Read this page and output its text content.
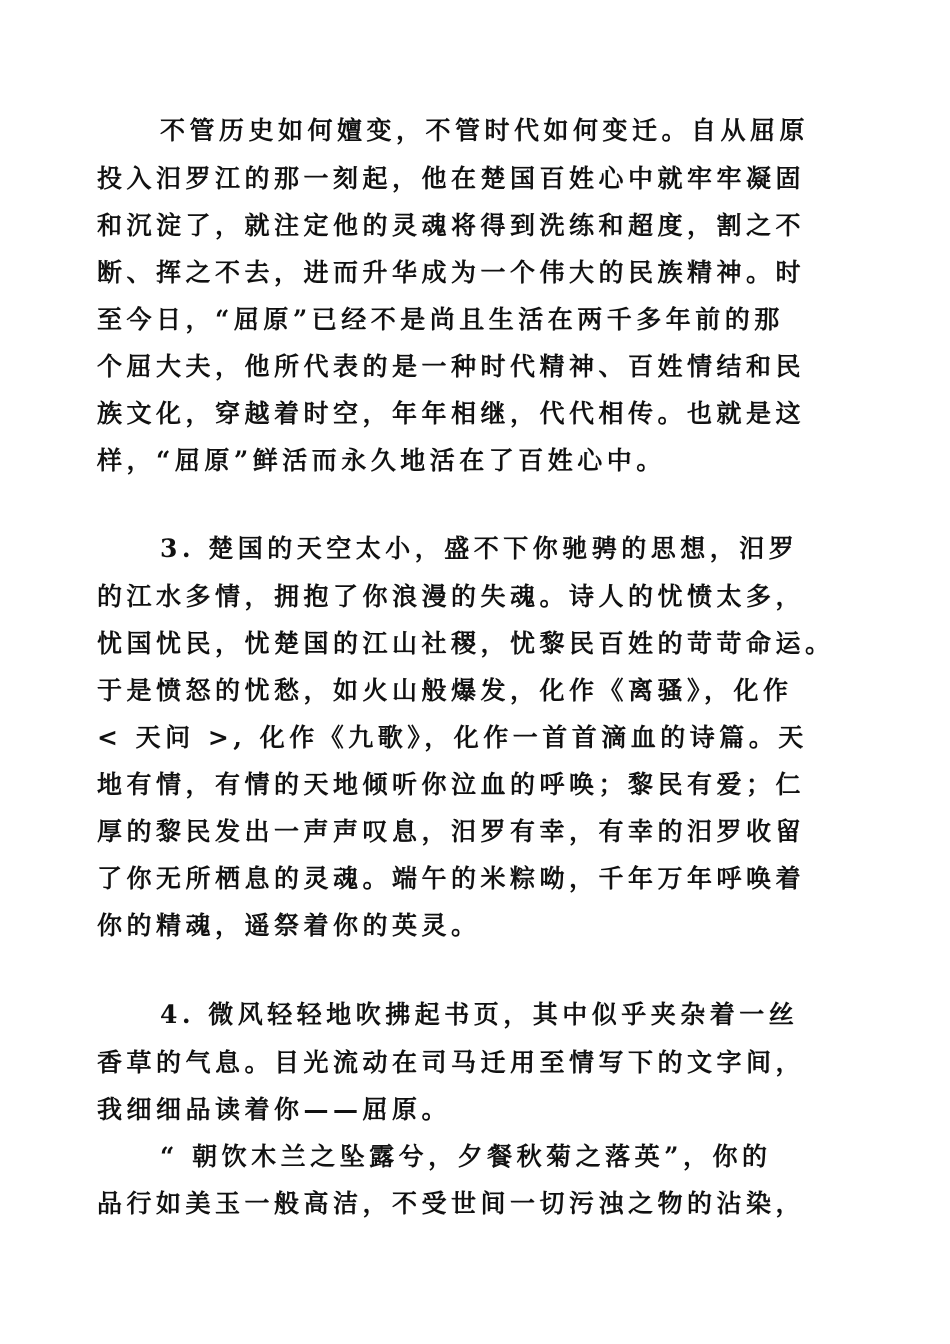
不管历史如何嬗变，不管时代如何变迁。自从屈原
投入汨罗江的那一刻起，他在楚国百姓心中就牢牢凝固
和沉淀了，就注定他的灵魂将得到洗练和超度，割之不
断、挥之不去，进而升华成为一个伟大的民族精神。时
至今日，“屈原”已经不是尚且生活在两千多年前的那
个屈大夫，他所代表的是一种时代精神、百姓情结和民
族文化，穿越着时空，年年相继，代代相传。也就是这
样，“屈原”鲜活而永久地活在了百姓心中。
3. 楚国的天空太小，盛不下你驰骋的思想，汨罗
的江水多情，拥抱了你浪漫的失魂。诗人的忧愤太多，
忧国忧民，忧楚国的江山社稷，忧黎民百姓的苛苛命运。
于是愤怒的忧愁，如火山般爆发，化作《离骚》，化作
< 天问 >, 化作《九歌》，化作一首首滴血的诗篇。天
地有情，有情的天地倾听你泣血的呼唤；黎民有爱；仁
厚的黎民发出一声声叹息，汨罗有幸，有幸的汨罗收留
了你无所栖息的灵魂。端午的米粽呦，千年万年呼唤着
你的精魂，遥祭着你的英灵。
4. 微风轻轻地吹拂起书页，其中似乎夹杂着一丝
香草的气息。目光流动在司马迁用至情写下的文字间，
我细细品读着你——屈原。
“ 朝饮木兰之坠露兮，夕餐秋菊之落英”，你的
品行如美玉一般高洁，不受世间一切污浊之物的沾染，
